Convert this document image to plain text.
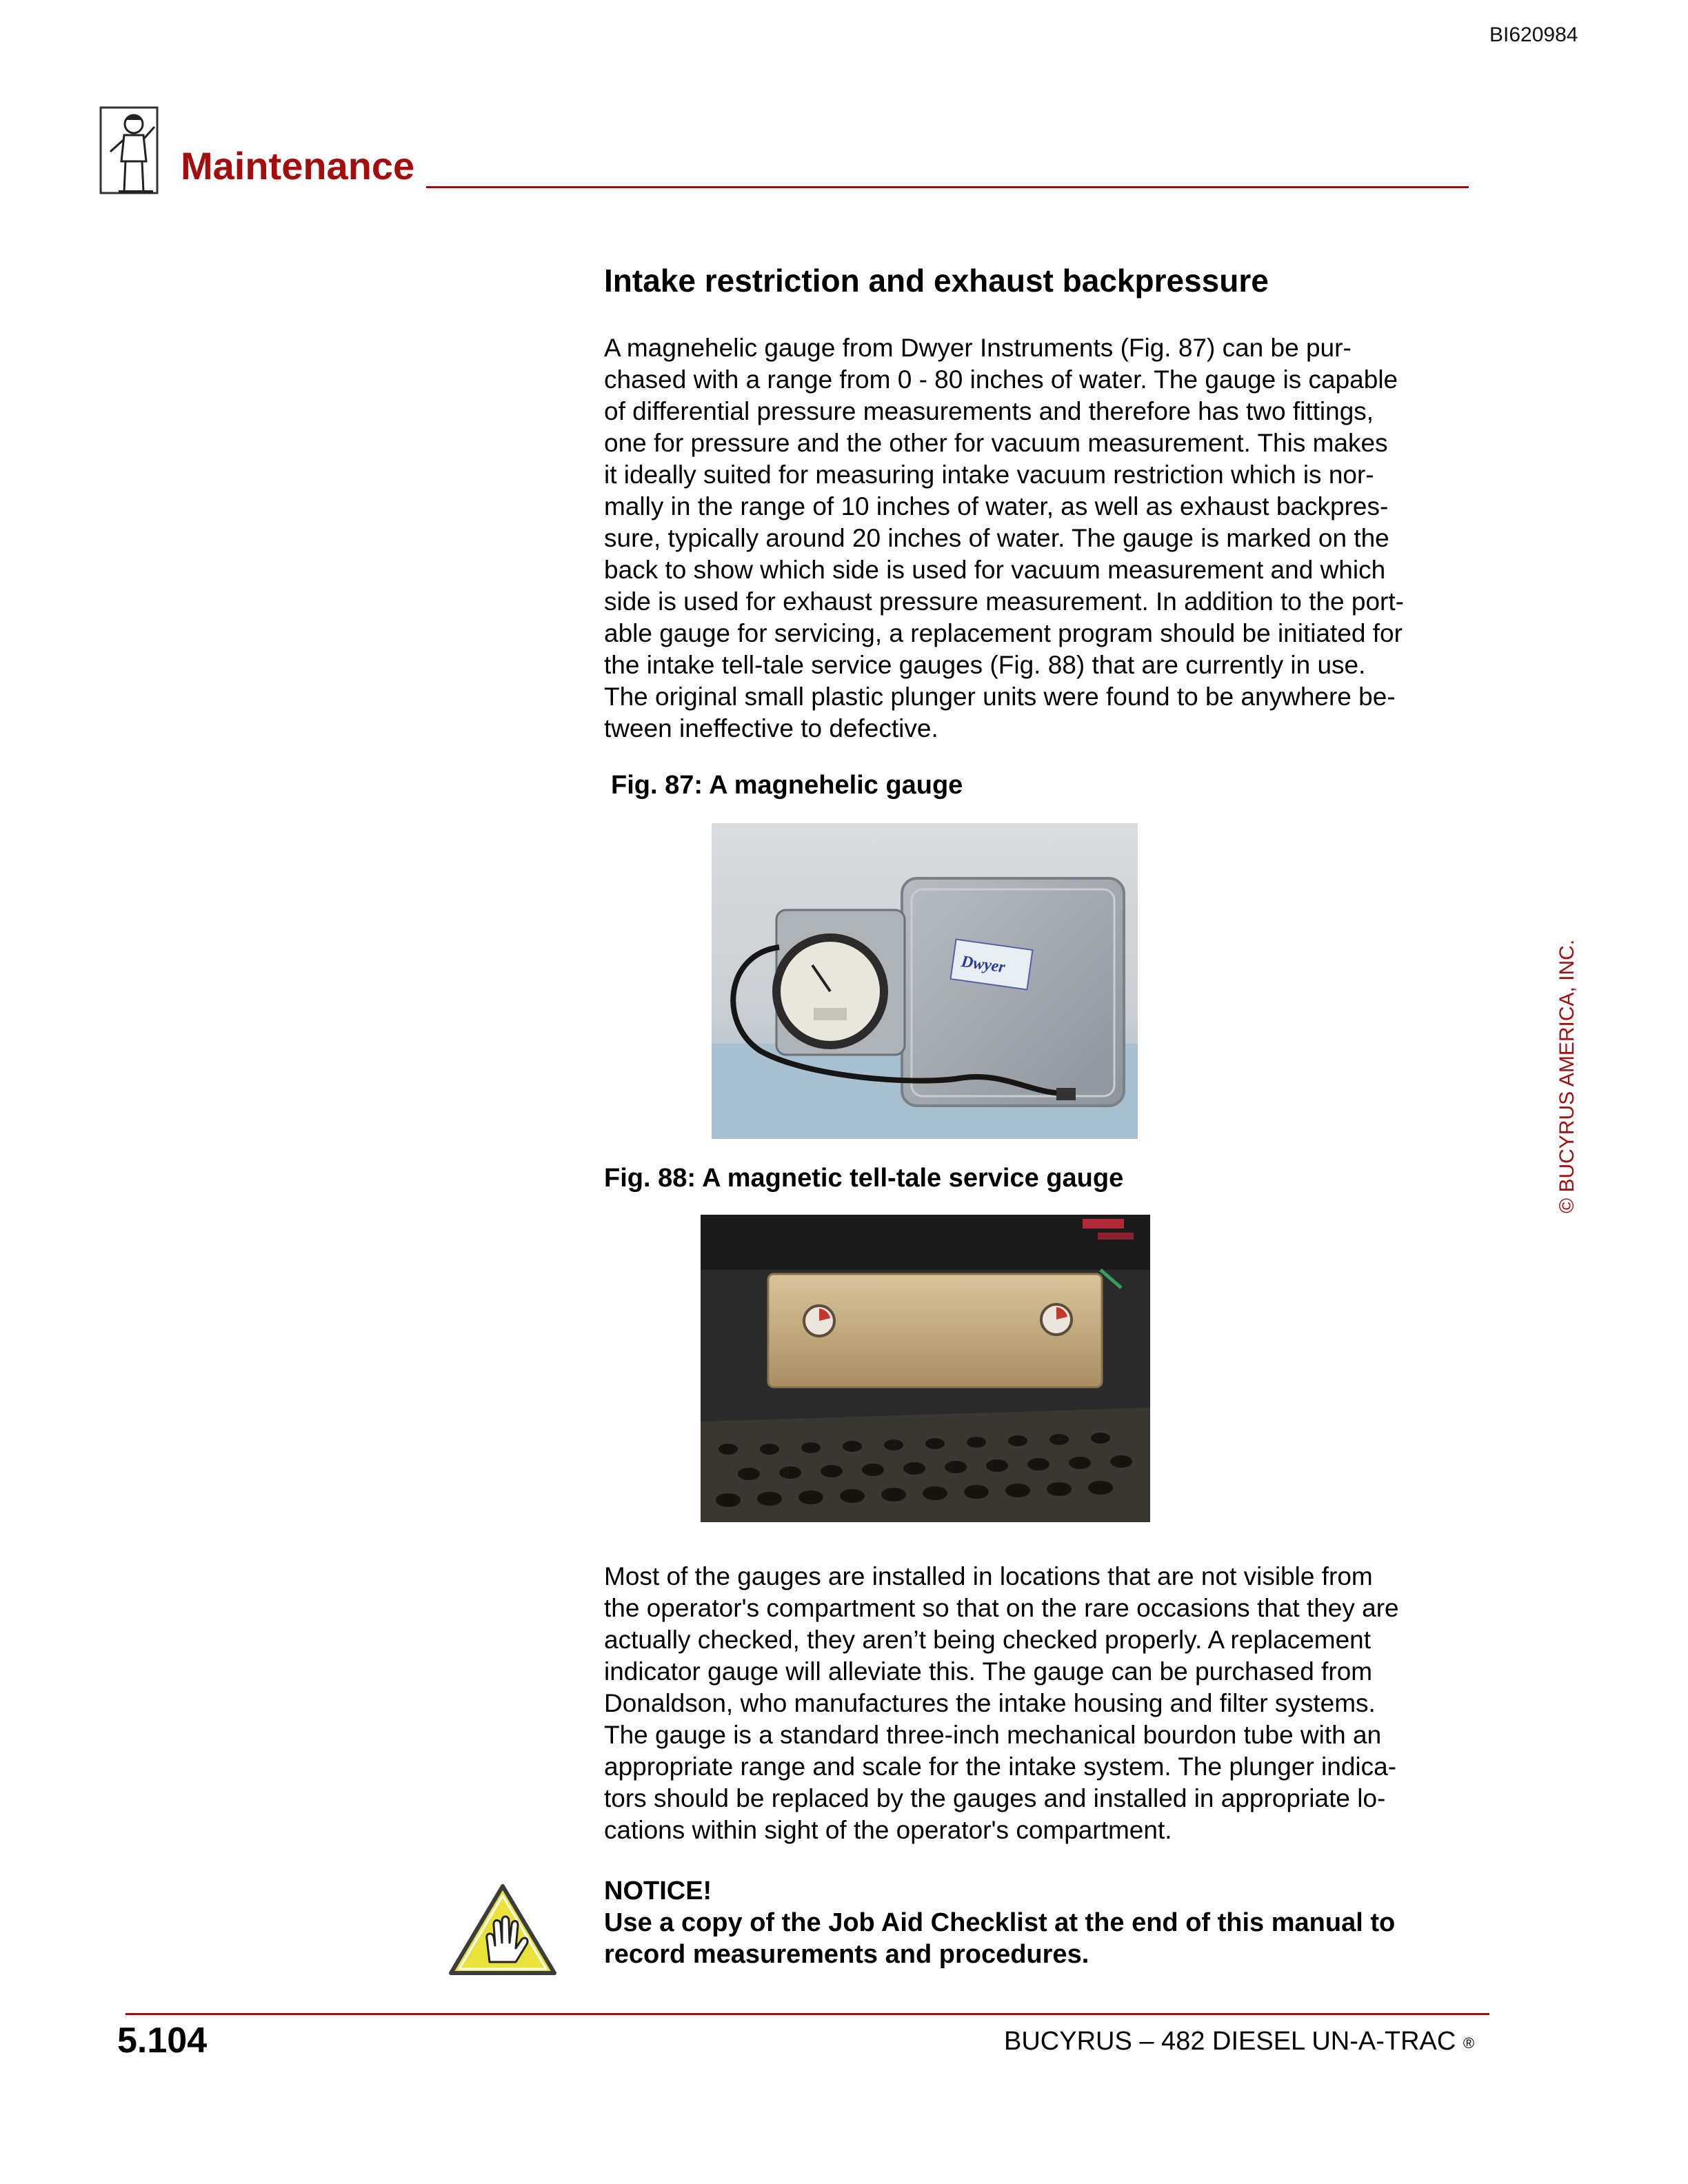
BI620984
Maintenance
Intake restriction and exhaust backpressure
A magnehelic gauge from Dwyer Instruments (Fig. 87) can be pur-
chased with a range from 0 - 80 inches of water. The gauge is capable
of differential pressure measurements and therefore has two fittings,
one for pressure and the other for vacuum measurement. This makes
it ideally suited for measuring intake vacuum restriction which is nor-
mally in the range of 10 inches of water, as well as exhaust backpres-
sure, typically around 20 inches of water. The gauge is marked on the
back to show which side is used for vacuum measurement and which
side is used for exhaust pressure measurement. In addition to the port-
able gauge for servicing, a replacement program should be initiated for
the intake tell-tale service gauges (Fig. 88) that are currently in use.
The original small plastic plunger units were found to be anywhere be-
tween ineffective to defective.
Fig. 87: A magnehelic gauge
Dwyer
Fig. 88: A magnetic tell-tale service gauge
Most of the gauges are installed in locations that are not visible from
the operator's compartment so that on the rare occasions that they are
actually checked, they aren’t being checked properly. A replacement
indicator gauge will alleviate this. The gauge can be purchased from
Donaldson, who manufactures the intake housing and filter systems.
The gauge is a standard three-inch mechanical bourdon tube with an
appropriate range and scale for the intake system. The plunger indica-
tors should be replaced by the gauges and installed in appropriate lo-
cations within sight of the operator's compartment.
NOTICE!
Use a copy of the Job Aid Checklist at the end of this manual to
record measurements and procedures.
5.104	BUCYRUS – 482 DIESEL UN-A-TRAC ®
© BUCYRUS AMERICA, INC.
